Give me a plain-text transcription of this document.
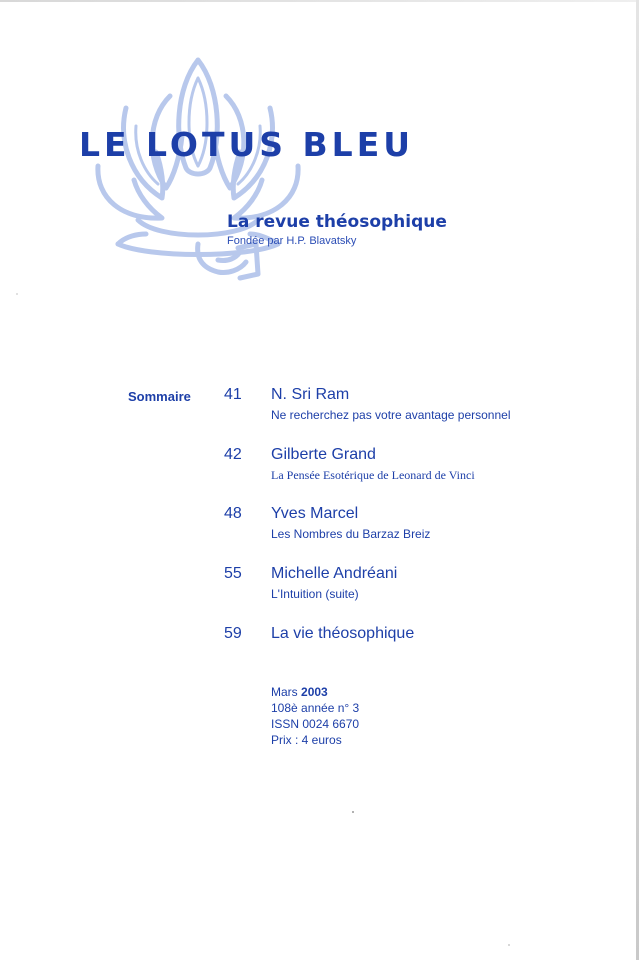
LE LOTUS BLEU
La revue théosophique
Fondée par H.P. Blavatsky
Sommaire 41 N. Sri Ram
Ne recherchez pas votre avantage personnel
42 Gilberte Grand
La Pensée Esotérique de Leonard de Vinci
48 Yves Marcel
Les Nombres du Barzaz Breiz
55 Michelle Andréani
L'Intuition (suite)
59 La vie théosophique
Mars 2003
108è année n° 3
ISSN 0024 6670
Prix : 4 euros
